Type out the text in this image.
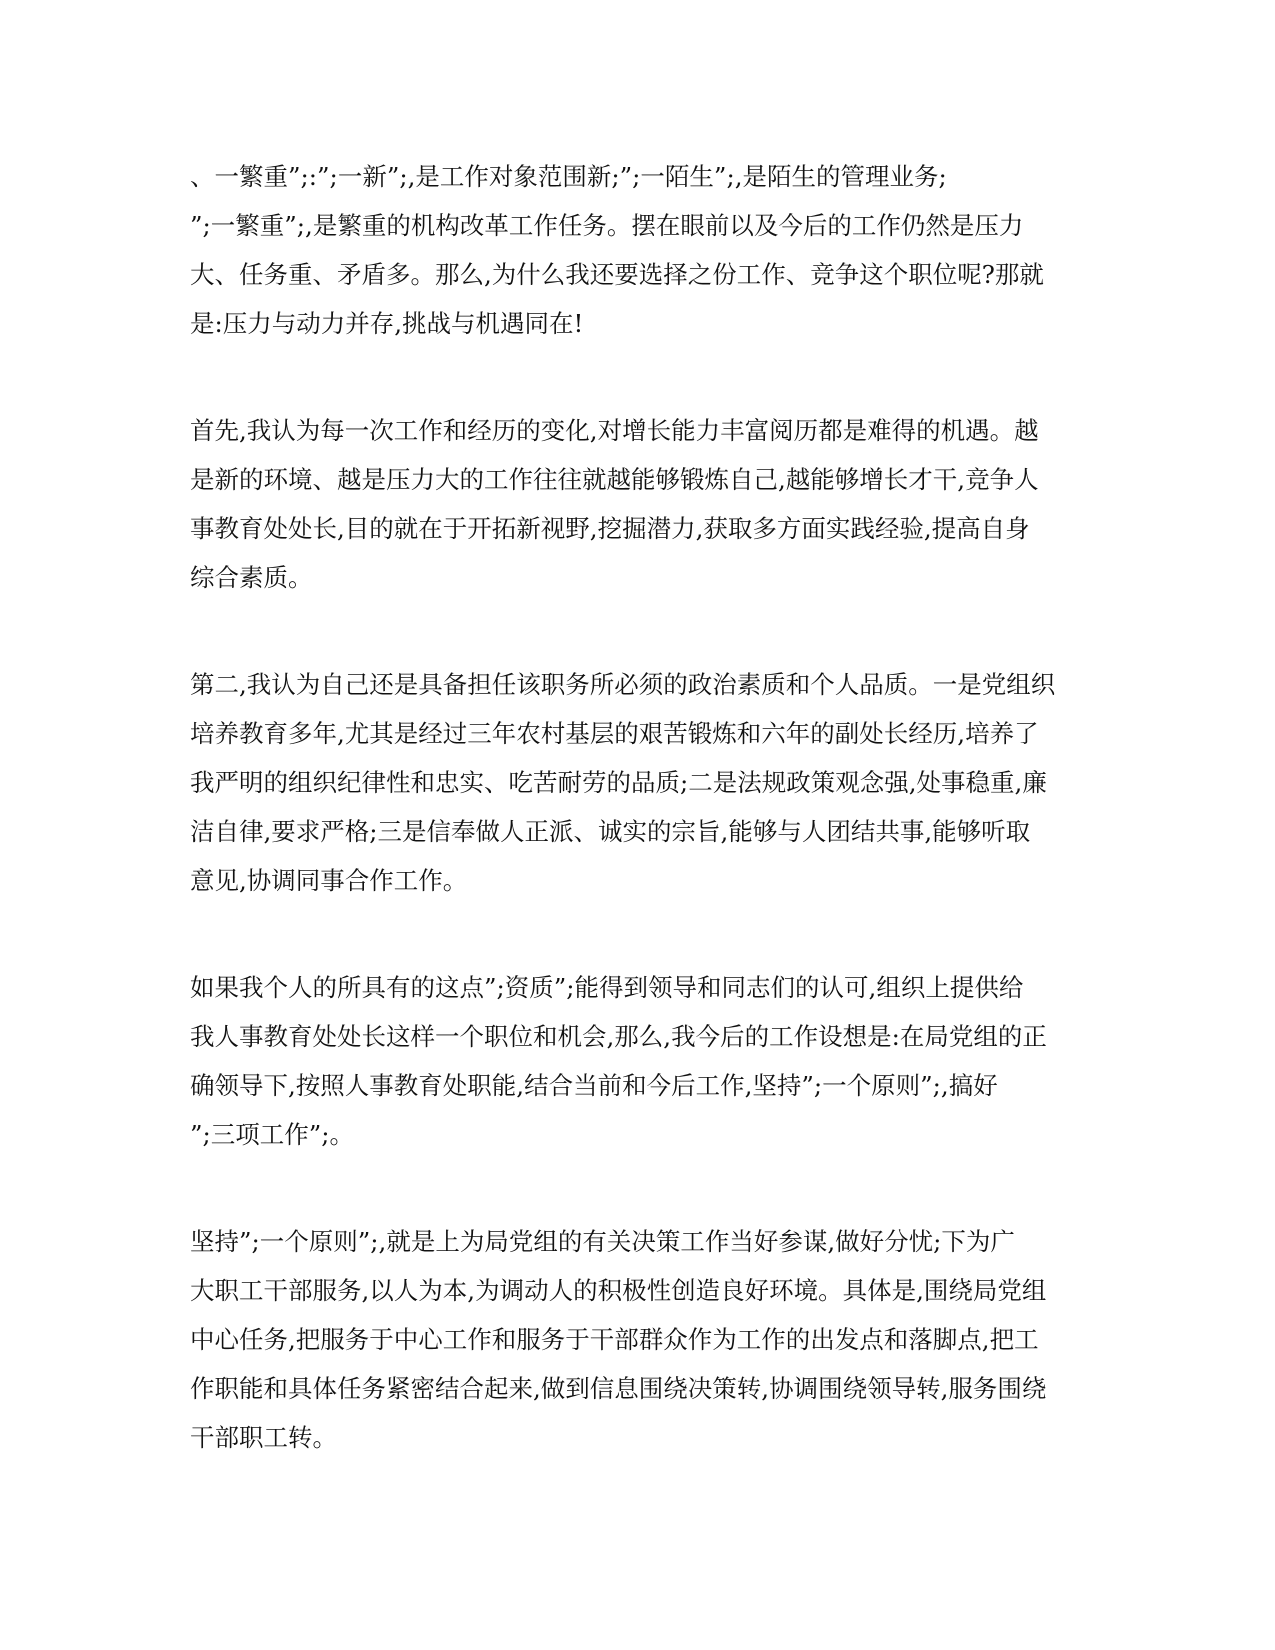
、一繁重”;:”;一新”;,是工作对象范围新;”;一陌生”;,是陌生的管理业务;
”;一繁重”;,是繁重的机构改革工作任务。摆在眼前以及今后的工作仍然是压力
大、任务重、矛盾多。那么,为什么我还要选择之份工作、竞争这个职位呢?那就
是:压力与动力并存,挑战与机遇同在!

首先,我认为每一次工作和经历的变化,对增长能力丰富阅历都是难得的机遇。越
是新的环境、越是压力大的工作往往就越能够锻炼自己,越能够增长才干,竞争人
事教育处处长,目的就在于开拓新视野,挖掘潜力,获取多方面实践经验,提高自身
综合素质。

第二,我认为自己还是具备担任该职务所必须的政治素质和个人品质。一是党组织
培养教育多年,尤其是经过三年农村基层的艰苦锻炼和六年的副处长经历,培养了
我严明的组织纪律性和忠实、吃苦耐劳的品质;二是法规政策观念强,处事稳重,廉
洁自律,要求严格;三是信奉做人正派、诚实的宗旨,能够与人团结共事,能够听取
意见,协调同事合作工作。

如果我个人的所具有的这点”;资质”;能得到领导和同志们的认可,组织上提供给
我人事教育处处长这样一个职位和机会,那么,我今后的工作设想是:在局党组的正
确领导下,按照人事教育处职能,结合当前和今后工作,坚持”;一个原则”;,搞好
”;三项工作”;。

坚持”;一个原则”;,就是上为局党组的有关决策工作当好参谋,做好分忧;下为广
大职工干部服务,以人为本,为调动人的积极性创造良好环境。具体是,围绕局党组
中心任务,把服务于中心工作和服务于干部群众作为工作的出发点和落脚点,把工
作职能和具体任务紧密结合起来,做到信息围绕决策转,协调围绕领导转,服务围绕
干部职工转。
